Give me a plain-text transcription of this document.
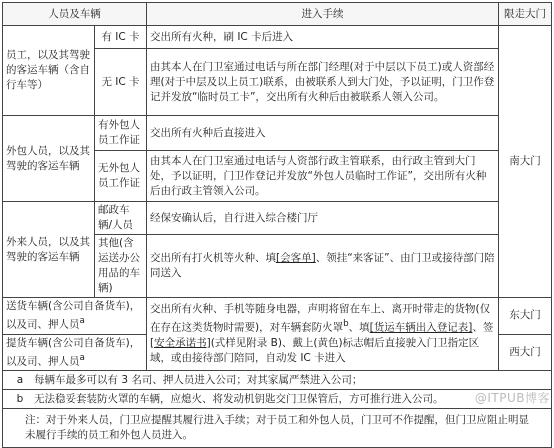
人员及车辆		进入手续	限走大门
员工，以及其驾驶的客运车辆（含自行车等）	有 IC 卡	交出所有火种，刷 IC 卡后进入	南大门
	无 IC 卡	由其本人在门卫室通过电话与所在部门经理(对于中层以下员工)或人资部经理(对于中层及以上员工)联系，由被联系人到大门处，予以证明，门卫作登记并发放“临时员工卡”，交出所有火种后由被联系人领入公司。	
外包人员，以及其驾驶的客运车辆	有外包人员工作证	交出所有火种后直接进入	
	无外包人员工作证	由其本人在门卫室通过电话与人资部行政主管联系，由行政主管到大门处，予以证明，门卫作登记并发放“外包人员临时工作证”，交出所有火种后由行政主管领入公司。	
外来人员，以及其驾驶的客运车辆	邮政车辆/人员	经保安确认后，自行进入综合楼门厅	
	其他(含运送办公用品的车辆)	交出所有打火机等火种、填[会客单]、领挂“来客证”、由门卫或接待部门陪同送入	
送货车辆(含公司自备货车)，以及司、押人员$^a$		交出所有火种、手机等随身电器，声明将留在车上、离开时带走的货物(仅在存在这类货物时需要)，对车辆套防火罩$^b$、填[货运车辆出入登记表]、签[安全承诺书](式样见附录 B)、戴上(黄色)标志帽后直接驶入门卫指定区域，或由接待部门陪同，自动发 IC 卡进入	东大门
提货车辆(含公司自备货车)，以及司、押人员$^a$			西大门
a 每辆车最多可以有 3 名司、押人员进入公司；对其家属严禁进入公司；			
b 无法稳妥套装防火罩的车辆，应熄火、将发动机钥匙交门卫保管后，方可推行进入公司。			
注：对于外来人员，门卫应提醒其履行进入手续；对于员工和外包人员，门卫可不作提醒，但门卫应阻止明显未履行手续的员工和外包人员进入。			
@ITPUB博客
